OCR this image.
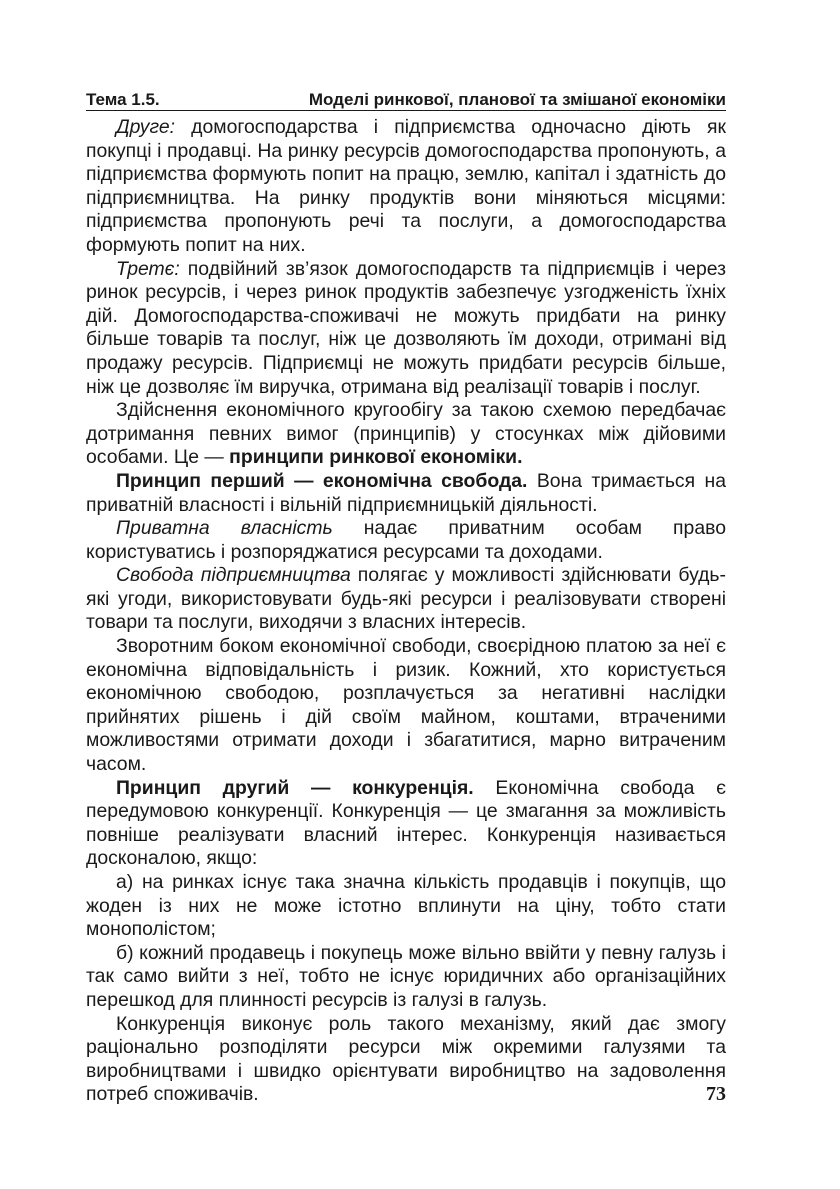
Тема 1.5.	Моделі ринкової, планової та змішаної економіки

Друге: домогосподарства і підприємства одночасно діють як покупці і продавці. На ринку ресурсів домогосподарства пропонують, а підприємства формують попит на працю, землю, капітал і здатність до підприємництва. На ринку продуктів вони міняються місцями: підприємства пропонують речі та послуги, а домогосподарства формують попит на них.

Третє: подвійний зв’язок домогосподарств та підприємців і через ринок ресурсів, і через ринок продуктів забезпечує узгодженість їхніх дій. Домогосподарства-споживачі не можуть придбати на ринку більше товарів та послуг, ніж це дозволяють їм доходи, отримані від продажу ресурсів. Підприємці не можуть придбати ресурсів більше, ніж це дозволяє їм виручка, отримана від реалізації товарів і послуг.

Здійснення економічного кругообігу за такою схемою передбачає дотримання певних вимог (принципів) у стосунках між дійовими особами. Це — принципи ринкової економіки.

Принцип перший — економічна свобода. Вона тримається на приватній власності і вільній підприємницькій діяльності.

Приватна власність надає приватним особам право користуватись і розпоряджатися ресурсами та доходами.

Свобода підприємництва полягає у можливості здійснювати будь-які угоди, використовувати будь-які ресурси і реалізовувати створені товари та послуги, виходячи з власних інтересів.

Зворотним боком економічної свободи, своєрідною платою за неї є економічна відповідальність і ризик. Кожний, хто користується економічною свободою, розплачується за негативні наслідки прийнятих рішень і дій своїм майном, коштами, втраченими можливостями отримати доходи і збагатитися, марно витраченим часом.

Принцип другий — конкуренція. Економічна свобода є передумовою конкуренції. Конкуренція — це змагання за можливість повніше реалізувати власний інтерес. Конкуренція називається досконалою, якщо:

а) на ринках існує така значна кількість продавців і покупців, що жоден із них не може істотно вплинути на ціну, тобто стати монополістом;

б) кожний продавець і покупець може вільно ввійти у певну галузь і так само вийти з неї, тобто не існує юридичних або організаційних перешкод для плинності ресурсів із галузі в галузь.

Конкуренція виконує роль такого механізму, який дає змогу раціонально розподіляти ресурси між окремими галузями та виробництвами і швидко орієнтувати виробництво на задоволення потреб споживачів.	73
